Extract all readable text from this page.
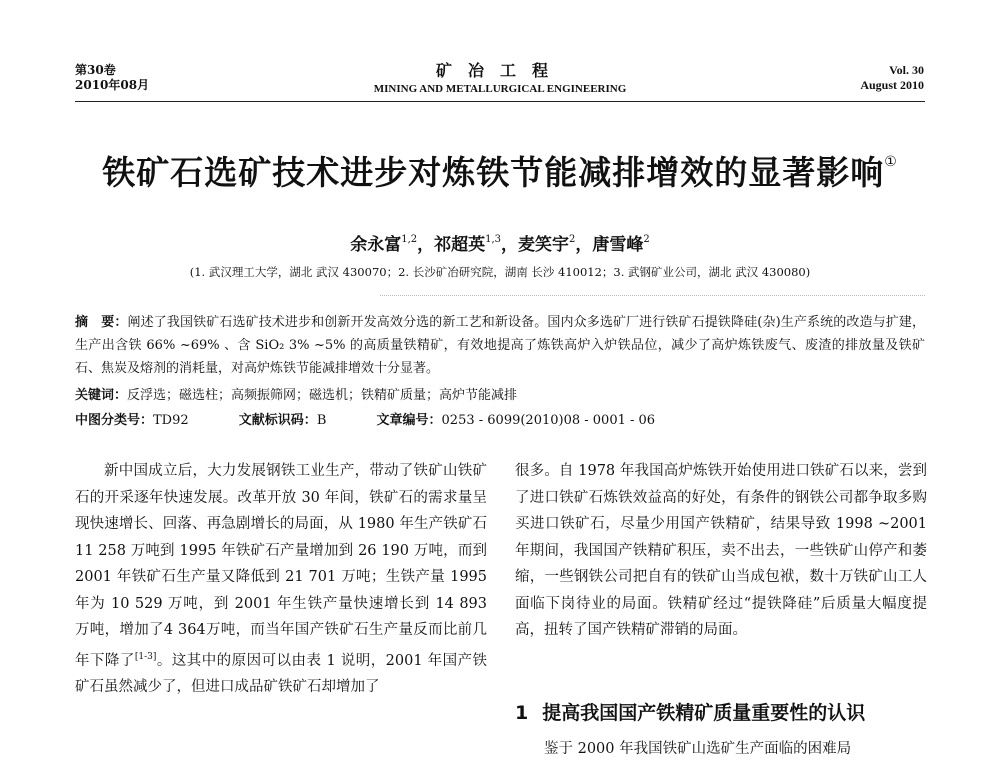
第30卷
2010年08月
矿冶工程
MINING AND METALLURGICAL ENGINEERING
Vol. 30
August 2010
铁矿石选矿技术进步对炼铁节能减排增效的显著影响①
余永富$^{1,2}$，祁超英$^{1,3}$，麦笑宇$^2$，唐雪峰$^2$
(1. 武汉理工大学，湖北 武汉 430070；2. 长沙矿冶研究院，湖南 长沙 410012；3. 武钢矿业公司，湖北 武汉 430080)
摘　要：阐述了我国铁矿石选矿技术进步和创新开发高效分选的新工艺和新设备。国内众多选矿厂进行铁矿石提铁降硅(杂)生产系统的改造与扩建，生产出含铁 66% ~69% 、含 SiO₂ 3% ~5% 的高质量铁精矿，有效地提高了炼铁高炉入炉铁品位，减少了高炉炼铁废气、废渣的排放量及铁矿石、焦炭及熔剂的消耗量，对高炉炼铁节能减排增效十分显著。
关键词：反浮选；磁选柱；高频振筛网；磁选机；铁精矿质量；高炉节能减排
中图分类号：TD92	文献标识码：B	文章编号：0253 - 6099(2010)08 - 0001 - 06
新中国成立后，大力发展钢铁工业生产，带动了铁矿山铁矿石的开采逐年快速发展。改革开放 30 年间，铁矿石的需求量呈现快速增长、回落、再急剧增长的局面，从 1980 年生产铁矿石 11 258 万吨到 1995 年铁矿石产量增加到 26 190 万吨，而到 2001 年铁矿石生产量又降低到 21 701 万吨；生铁产量 1995 年为 10 529 万吨，到 2001 年生铁产量快速增长到 14 893 万吨，增加了4 364万吨，而当年国产铁矿石生产量反而比前几年下降了[1-3]。这其中的原因可以由表 1 说明，2001 年国产铁矿石虽然减少了，但进口成品矿铁矿石却增加了
很多。自 1978 年我国高炉炼铁开始使用进口铁矿石以来，尝到了进口铁矿石炼铁效益高的好处，有条件的钢铁公司都争取多购买进口铁矿石，尽量少用国产铁精矿，结果导致 1998 ~2001 年期间，我国国产铁精矿积压，卖不出去，一些铁矿山停产和萎缩，一些钢铁公司把自有的铁矿山当成包袱，数十万铁矿山工人面临下岗待业的局面。铁精矿经过“提铁降硅”后质量大幅度提高，扭转了国产铁精矿滞销的局面。
1 提高我国国产铁精矿质量重要性的认识
鉴于 2000 年我国铁矿山选矿生产面临的困难局
